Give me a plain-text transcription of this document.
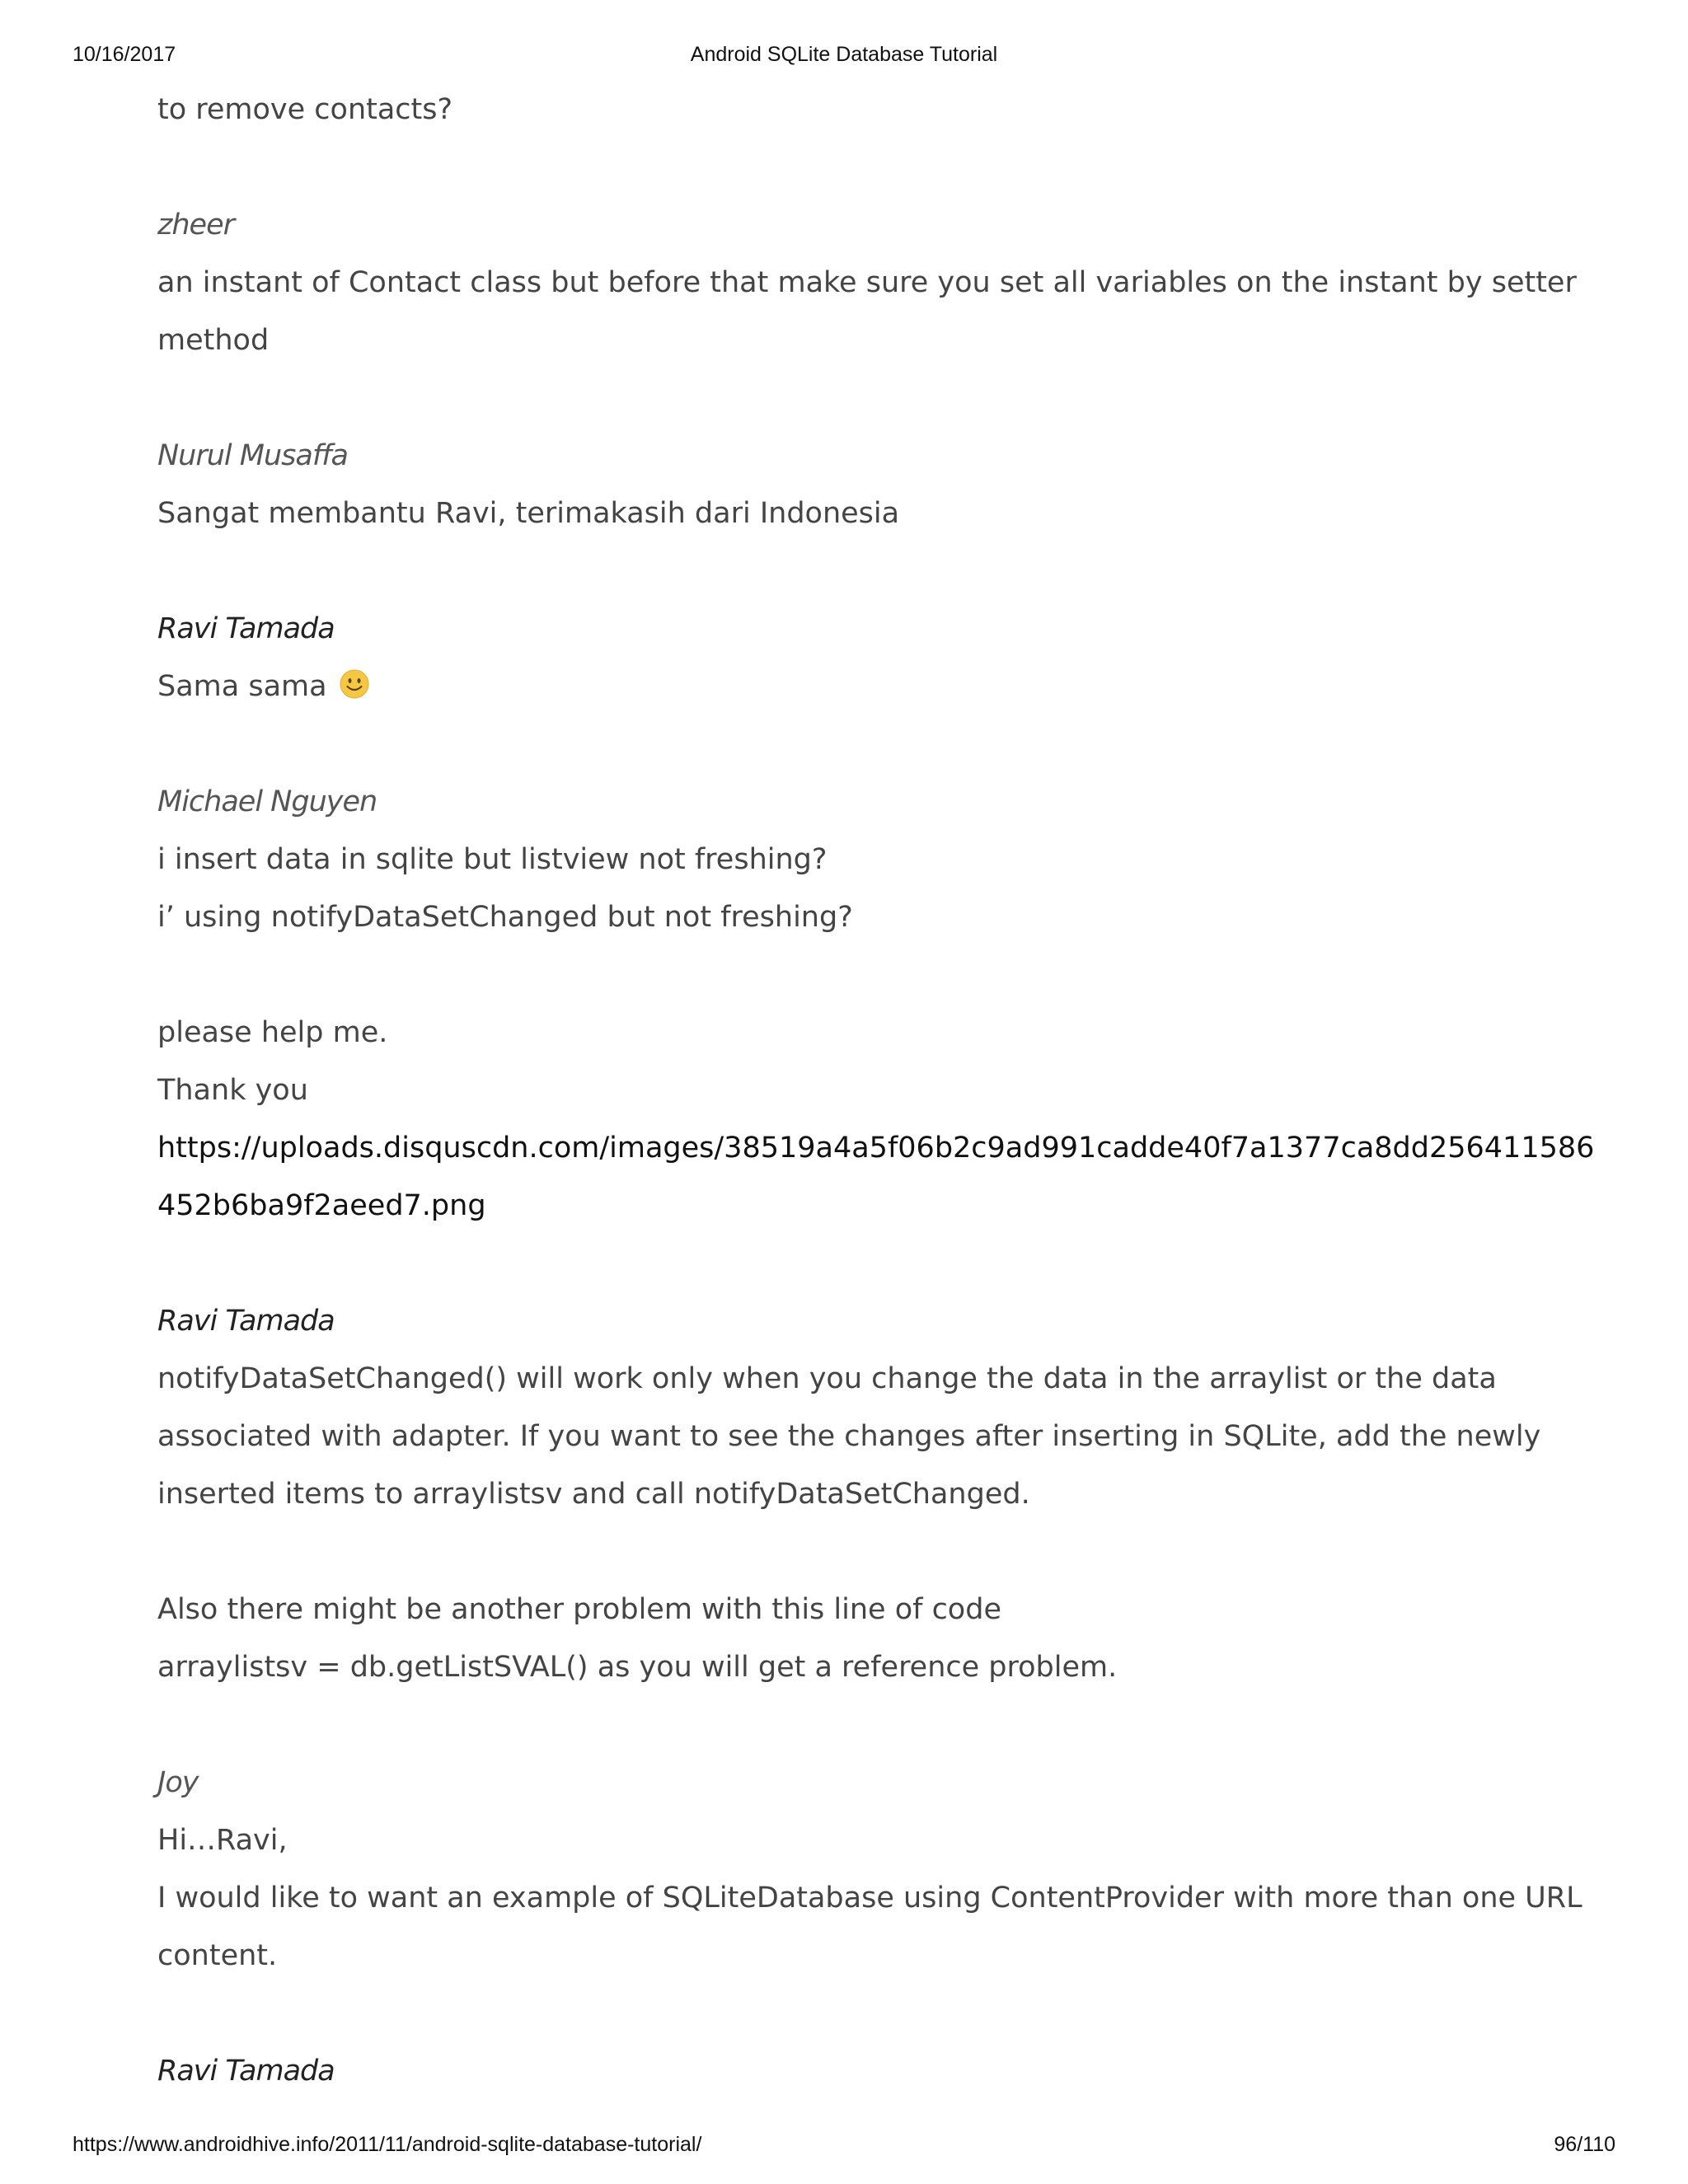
10/16/2017	Android SQLite Database Tutorial
to remove contacts?
zheer
an instant of Contact class but before that make sure you set all variables on the instant by setter
method
Nurul Musaffa
Sangat membantu Ravi, terimakasih dari Indonesia
Ravi Tamada
Sama sama
Michael Nguyen
i insert data in sqlite but listview not freshing?
i’ using notifyDataSetChanged but not freshing?
please help me.
Thank you
https://uploads.disquscdn.com/images/38519a4a5f06b2c9ad991cadde40f7a1377ca8dd256411586
452b6ba9f2aeed7.png
Ravi Tamada
notifyDataSetChanged() will work only when you change the data in the arraylist or the data
associated with adapter. If you want to see the changes after inserting in SQLite, add the newly
inserted items to arraylistsv and call notifyDataSetChanged.
Also there might be another problem with this line of code
arraylistsv = db.getListSVAL() as you will get a reference problem.
Joy
Hi…Ravi,
I would like to want an example of SQLiteDatabase using ContentProvider with more than one URL
content.
Ravi Tamada
https://www.androidhive.info/2011/11/android-sqlite-database-tutorial/	96/110
